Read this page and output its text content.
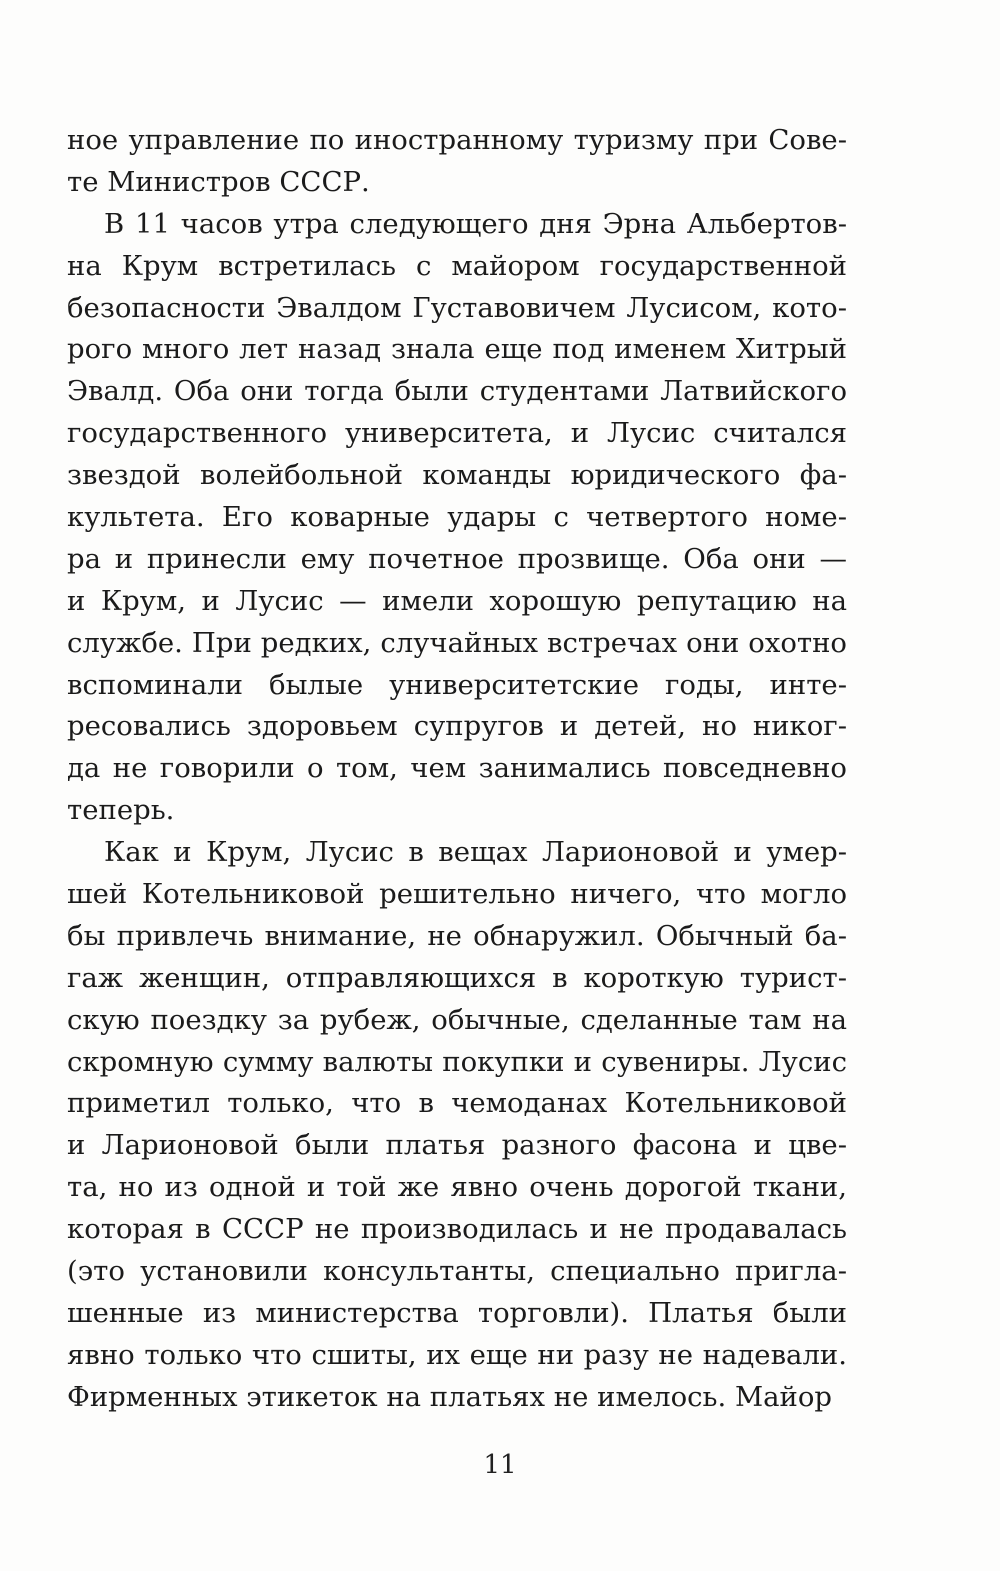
ное управление по иностранному туризму при Сове-
те Министров СССР.
В 11 часов утра следующего дня Эрна Альбертов-
на Крум встретилась с майором государственной
безопасности Эвалдом Густавовичем Лусисом, кото-
рого много лет назад знала еще под именем Хитрый
Эвалд. Оба они тогда были студентами Латвийского
государственного университета, и Лусис считался
звездой волейбольной команды юридического фа-
культета. Его коварные удары с четвертого номе-
ра и принесли ему почетное прозвище. Оба они —
и Крум, и Лусис — имели хорошую репутацию на
службе. При редких, случайных встречах они охотно
вспоминали былые университетские годы, инте-
ресовались здоровьем супругов и детей, но никог-
да не говорили о том, чем занимались повседневно
теперь.
Как и Крум, Лусис в вещах Ларионовой и умер-
шей Котельниковой решительно ничего, что могло
бы привлечь внимание, не обнаружил. Обычный ба-
гаж женщин, отправляющихся в короткую турист-
скую поездку за рубеж, обычные, сделанные там на
скромную сумму валюты покупки и сувениры. Лусис
приметил только, что в чемоданах Котельниковой
и Ларионовой были платья разного фасона и цве-
та, но из одной и той же явно очень дорогой ткани,
которая в СССР не производилась и не продавалась
(это установили консультанты, специально пригла-
шенные из министерства торговли). Платья были
явно только что сшиты, их еще ни разу не надевали.
Фирменных этикеток на платьях не имелось. Майор
11
